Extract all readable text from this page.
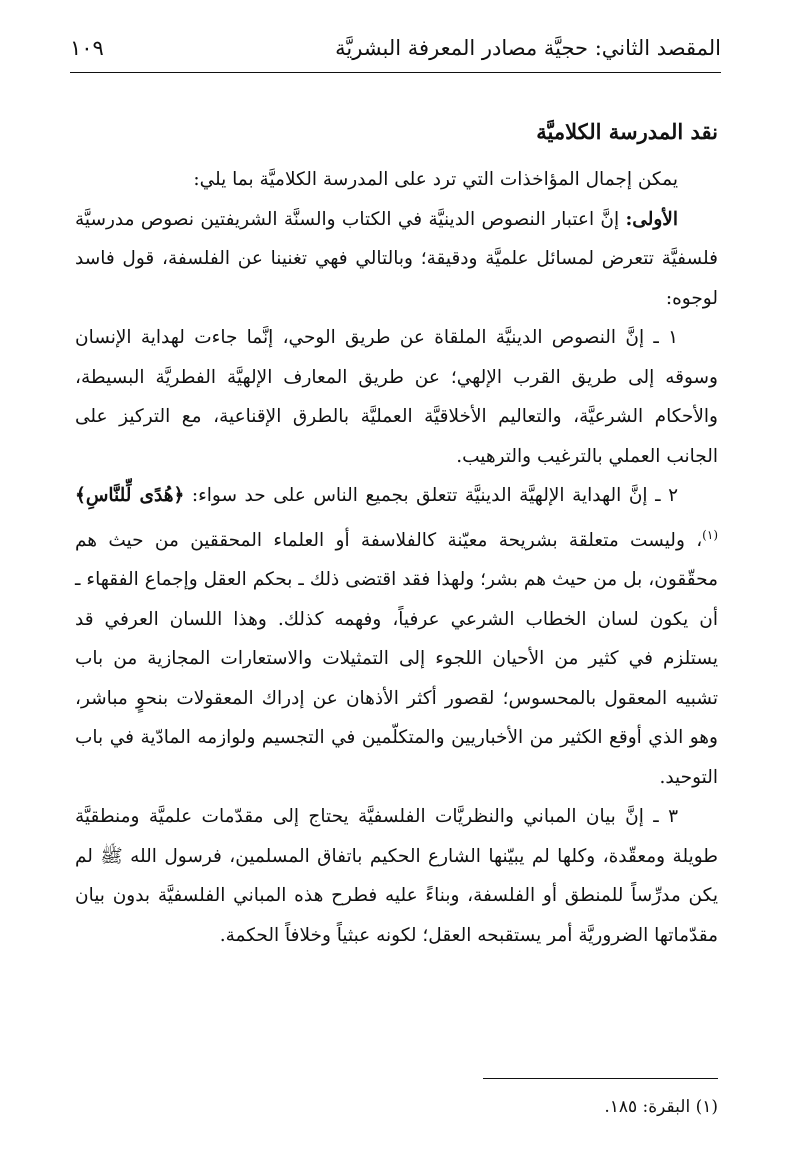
المقصد الثاني: حجيَّة مصادر المعرفة البشريَّة
١٠٩
نقد المدرسة الكلاميَّة

يمكن إجمال المؤاخذات التي ترد على المدرسة الكلاميَّة بما يلي:

الأولى: إنَّ اعتبار النصوص الدينيَّة في الكتاب والسنَّة الشريفتين نصوص مدرسيَّة فلسفيَّة تتعرض لمسائل علميَّة ودقيقة؛ وبالتالي فهي تغنينا عن الفلسفة، قول فاسد لوجوه:

١ ـ إنَّ النصوص الدينيَّة الملقاة عن طريق الوحي، إنَّما جاءت لهداية الإنسان وسوقه إلى طريق القرب الإلهي؛ عن طريق المعارف الإلهيَّة الفطريَّة البسيطة، والأحكام الشرعيَّة، والتعاليم الأخلاقيَّة العمليَّة بالطرق الإقناعية، مع التركيز على الجانب العملي بالترغيب والترهيب.

٢ ـ إنَّ الهداية الإلهيَّة الدينيَّة تتعلق بجميع الناس على حد سواء: ﴿هُدًى لِّلنَّاسِ﴾$^{(١)}$، وليست متعلقة بشريحة معيّنة كالفلاسفة أو العلماء المحققين من حيث هم محقّقون، بل من حيث هم بشر؛ ولهذا فقد اقتضى ذلك ـ بحكم العقل وإجماع الفقهاء ـ أن يكون لسان الخطاب الشرعي عرفياً، وفهمه كذلك. وهذا اللسان العرفي قد يستلزم في كثير من الأحيان اللجوء إلى التمثيلات والاستعارات المجازية من باب تشبيه المعقول بالمحسوس؛ لقصور أكثر الأذهان عن إدراك المعقولات بنحوٍ مباشر، وهو الذي أوقع الكثير من الأخباريين والمتكلّمين في التجسيم ولوازمه المادّية في باب التوحيد.

٣ ـ إنَّ بيان المباني والنظريَّات الفلسفيَّة يحتاج إلى مقدّمات علميَّة ومنطقيَّة طويلة ومعقّدة، وكلها لم يبيّنها الشارع الحكيم باتفاق المسلمين، فرسول الله ﷺ لم يكن مدرِّساً للمنطق أو الفلسفة، وبناءً عليه فطرح هذه المباني الفلسفيَّة بدون بيان مقدّماتها الضروريَّة أمر يستقبحه العقل؛ لكونه عبثياً وخلافاً الحكمة.

(١) البقرة: ١٨٥.
